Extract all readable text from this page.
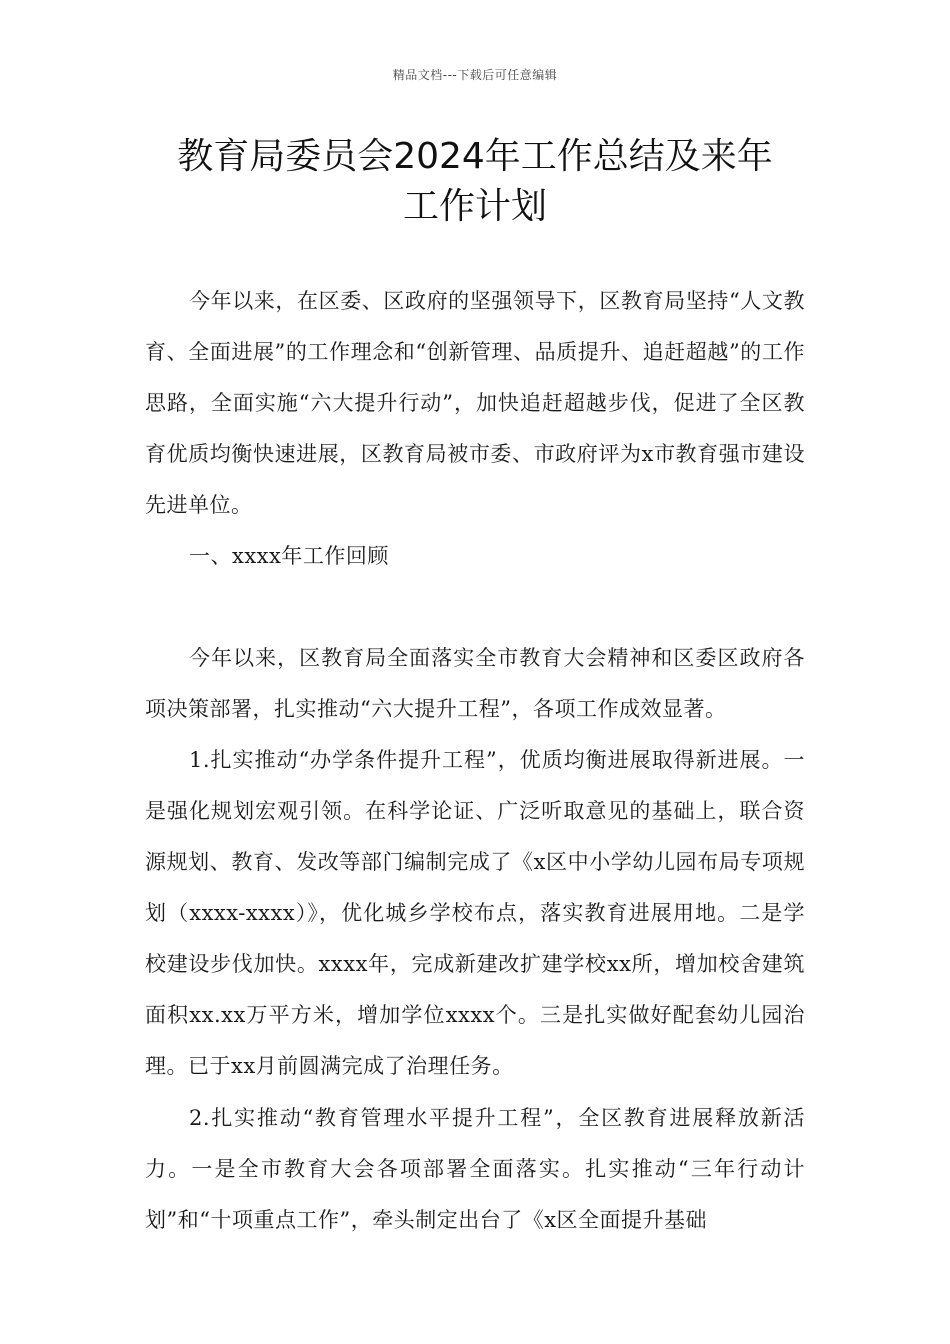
精品文档---下载后可任意编辑
教育局委员会2024年工作总结及来年
工作计划

今年以来，在区委、区政府的坚强领导下，区教育局坚持“人文教育、全面进展”的工作理念和“创新管理、品质提升、追赶超越”的工作思路，全面实施“六大提升行动”，加快追赶超越步伐，促进了全区教育优质均衡快速进展，区教育局被市委、市政府评为x市教育强市建设先进单位。

一、xxxx年工作回顾

今年以来，区教育局全面落实全市教育大会精神和区委区政府各项决策部署，扎实推动“六大提升工程”，各项工作成效显著。

1.扎实推动“办学条件提升工程”，优质均衡进展取得新进展。一是强化规划宏观引领。在科学论证、广泛听取意见的基础上，联合资源规划、教育、发改等部门编制完成了《x区中小学幼儿园布局专项规划（xxxx-xxxx）》，优化城乡学校布点，落实教育进展用地。二是学校建设步伐加快。xxxx年，完成新建改扩建学校xx所，增加校舍建筑面积xx.xx万平方米，增加学位xxxx个。三是扎实做好配套幼儿园治理。已于xx月前圆满完成了治理任务。

2.扎实推动“教育管理水平提升工程”，全区教育进展释放新活力。一是全市教育大会各项部署全面落实。扎实推动“三年行动计划”和“十项重点工作”，牵头制定出台了《x区全面提升基础
